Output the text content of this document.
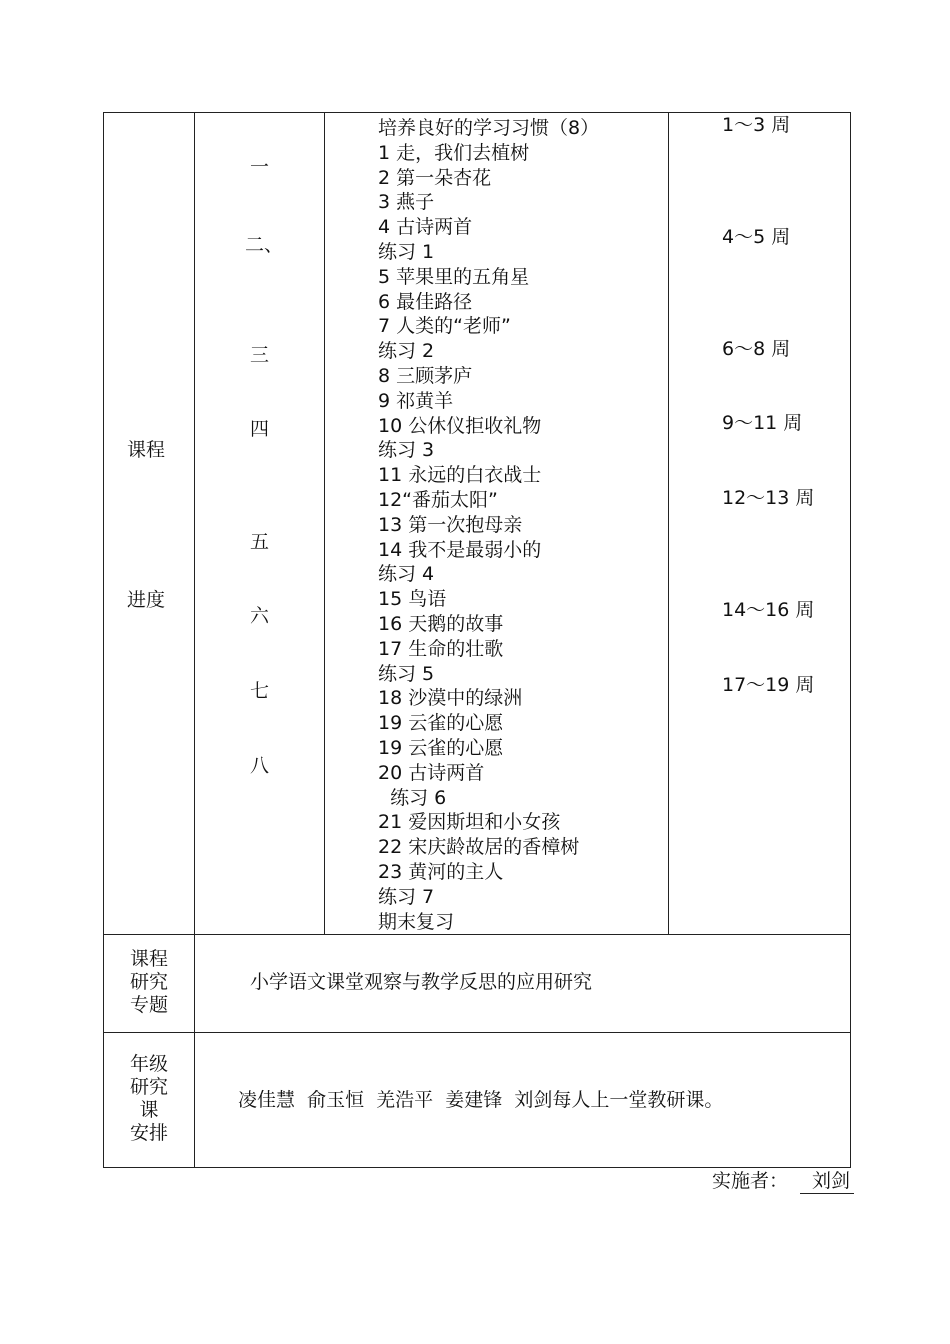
课程
进度
一
二、
三
四
五
六
七
八
培养良好的学习习惯（8）
1 走，我们去植树
2 第一朵杏花
3 燕子
4 古诗两首
练习 1
5 苹果里的五角星
6 最佳路径
7 人类的“老师”
练习 2
8 三顾茅庐
9 祁黄羊
10 公休仪拒收礼物
练习 3
11 永远的白衣战士
12“番茄太阳”
13 第一次抱母亲
14 我不是最弱小的
练习 4
15 鸟语
16 天鹅的故事
17 生命的壮歌
练习 5
18 沙漠中的绿洲
19 云雀的心愿
19 云雀的心愿
20 古诗两首
练习 6
21 爱因斯坦和小女孩
22 宋庆龄故居的香樟树
23 黄河的主人
练习 7
期末复习
1～3 周
4～5 周
6～8 周
9～11 周
12～13 周
14～16 周
17～19 周
课程
研究
专题
小学语文课堂观察与教学反思的应用研究
年级
研究
课
安排
凌佳慧  俞玉恒  羌浩平  姜建锋  刘剑每人上一堂教研课。
实施者： 刘剑
